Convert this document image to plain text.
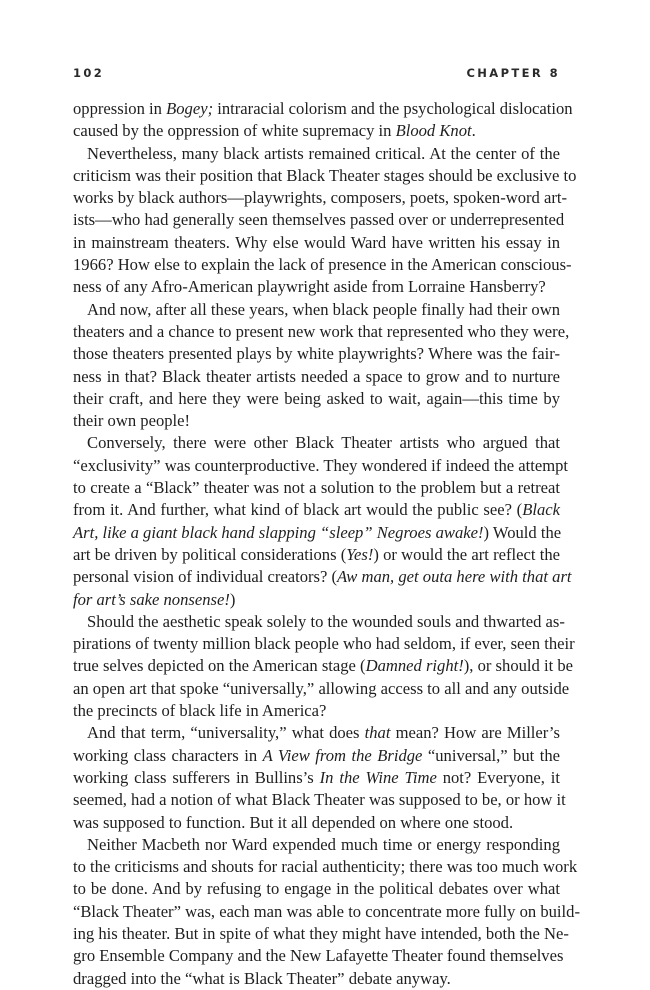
102	CHAPTER 8
oppression in Bogey; intraracial colorism and the psychological dislocation
caused by the oppression of white supremacy in Blood Knot.
Nevertheless, many black artists remained critical. At the center of the
criticism was their position that Black Theater stages should be exclusive to
works by black authors—playwrights, composers, poets, spoken-word art-
ists—who had generally seen themselves passed over or underrepresented
in mainstream theaters. Why else would Ward have written his essay in
1966? How else to explain the lack of presence in the American conscious-
ness of any Afro-American playwright aside from Lorraine Hansberry?
And now, after all these years, when black people finally had their own
theaters and a chance to present new work that represented who they were,
those theaters presented plays by white playwrights? Where was the fair-
ness in that? Black theater artists needed a space to grow and to nurture
their craft, and here they were being asked to wait, again—this time by
their own people!
Conversely, there were other Black Theater artists who argued that
“exclusivity” was counterproductive. They wondered if indeed the attempt
to create a “Black” theater was not a solution to the problem but a retreat
from it. And further, what kind of black art would the public see? (Black
Art, like a giant black hand slapping “sleep” Negroes awake!) Would the
art be driven by political considerations (Yes!) or would the art reflect the
personal vision of individual creators? (Aw man, get outa here with that art
for art’s sake nonsense!)
Should the aesthetic speak solely to the wounded souls and thwarted as-
pirations of twenty million black people who had seldom, if ever, seen their
true selves depicted on the American stage (Damned right!), or should it be
an open art that spoke “universally,” allowing access to all and any outside
the precincts of black life in America?
And that term, “universality,” what does that mean? How are Miller’s
working class characters in A View from the Bridge “universal,” but the
working class sufferers in Bullins’s In the Wine Time not? Everyone, it
seemed, had a notion of what Black Theater was supposed to be, or how it
was supposed to function. But it all depended on where one stood.
Neither Macbeth nor Ward expended much time or energy responding
to the criticisms and shouts for racial authenticity; there was too much work
to be done. And by refusing to engage in the political debates over what
“Black Theater” was, each man was able to concentrate more fully on build-
ing his theater. But in spite of what they might have intended, both the Ne-
gro Ensemble Company and the New Lafayette Theater found themselves
dragged into the “what is Black Theater” debate anyway.
